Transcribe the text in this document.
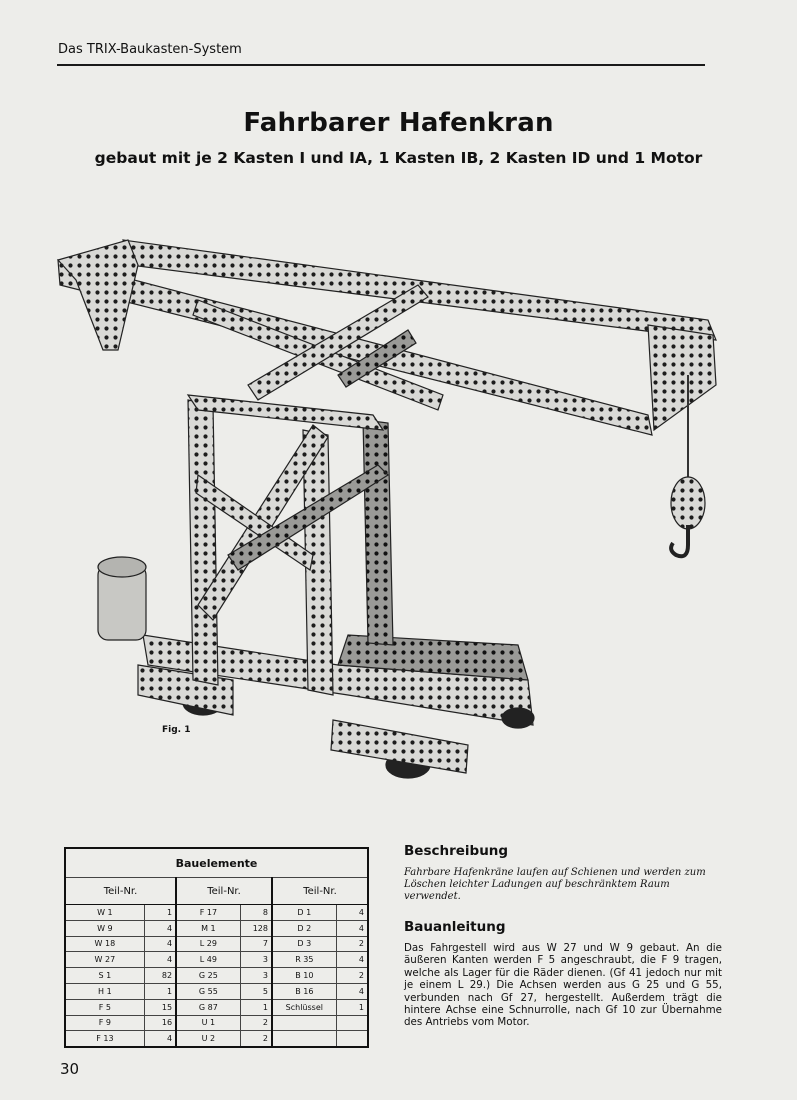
Das TRIX-Baukasten-System
Fahrbarer Hafenkran
gebaut mit je 2 Kasten I und IA, 1 Kasten IB, 2 Kasten ID und 1 Motor
Fig. 1
Bauelemente					
Teil-Nr.		Teil-Nr.		Teil-Nr.	
W 1	1	F 17	8	D 1	4
W 9	4	M 1	128	D 2	4
W 18	4	L 29	7	D 3	2
W 27	4	L 49	3	R 35	4
S 1	82	G 25	3	B 10	2
H 1	1	G 55	5	B 16	4
F 5	15	G 87	1	Schlüssel	1
F 9	16	U 1	2		
F 13	4	U 2	2		
Beschreibung
Fahrbare Hafenkräne laufen auf Schienen und werden zum Löschen leichter Ladungen auf beschränktem Raum verwendet.
Bauanleitung
Das Fahrgestell wird aus W 27 und W 9 gebaut. An die äußeren Kanten werden F 5 angeschraubt, die F 9 tragen, welche als Lager für die Räder dienen. (Gf 41 jedoch nur mit je einem L 29.) Die Achsen werden aus G 25 und G 55, verbunden nach Gf 27, hergestellt. Außerdem trägt die hintere Achse eine Schnurrolle, nach Gf 10 zur Übernahme des Antriebs vom Motor.
30
